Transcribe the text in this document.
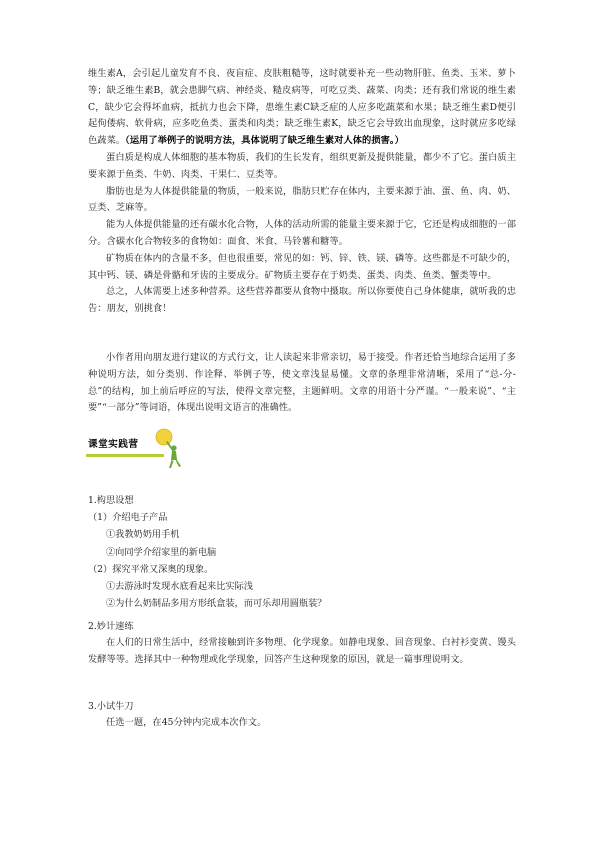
维生素A，会引起儿童发育不良、夜盲症、皮肤粗糙等，这时就要补充一些动物肝脏、鱼类、玉米、萝卜等；缺乏维生素B，就会患脚气病、神经炎、糙皮病等，可吃豆类、蔬菜、肉类；还有我们常说的维生素C，缺少它会得坏血病，抵抗力也会下降，患维生素C缺乏症的人应多吃蔬菜和水果；缺乏维生素D便引起佝偻病、软骨病，应多吃鱼类、蛋类和肉类；缺乏维生素K，缺乏它会导致出血现象，这时就应多吃绿色蔬菜。（运用了举例子的说明方法，具体说明了缺乏维生素对人体的损害。）

蛋白质是构成人体细胞的基本物质，我们的生长发育，组织更新及提供能量，都少不了它。蛋白质主要来源于鱼类、牛奶、肉类、干果仁、豆类等。

脂肪也是为人体提供能量的物质，一般来说，脂肪只贮存在体内，主要来源于油、蛋、鱼、肉、奶、豆类、芝麻等。

能为人体提供能量的还有碳水化合物，人体的活动所需的能量主要来源于它，它还是构成细胞的一部分。含碳水化合物较多的食物如：面食、米食、马铃薯和糖等。

矿物质在体内的含量不多，但也很重要，常见的如：钙、锌、铁、镁、磷等。这些都是不可缺少的，其中钙、镁、磷是骨骼和牙齿的主要成分。矿物质主要存在于奶类、蛋类、肉类、鱼类、蟹类等中。

总之，人体需要上述多种营养。这些营养都要从食物中摄取。所以你要使自己身体健康，就听我的忠告：朋友，别挑食！

小作者用向朋友进行建议的方式行文，让人读起来非常亲切，易于接受。作者还恰当地综合运用了多种说明方法，如分类别、作诠释、举例子等，使文章浅显易懂。文章的条理非常清晰，采用了“总-分-总”的结构，加上前后呼应的写法，使得文章完整，主题鲜明。文章的用语十分严谨。“一般来说”、“主要”“一部分”等词语，体现出说明文语言的准确性。

课堂实践营

1.构思设想

（1）介绍电子产品

①我教奶奶用手机

②向同学介绍家里的新电脑

（2）探究平常又深奥的现象。

①去游泳时发现水底看起来比实际浅

②为什么奶制品多用方形纸盒装，而可乐却用圆瓶装？

2.妙计速练

在人们的日常生活中，经常接触到许多物理、化学现象。如静电现象、回音现象、白衬衫变黄、馒头发酵等等。选择其中一种物理或化学现象，回答产生这种现象的原因，就是一篇事理说明文。

3.小试牛刀

任选一题，在45分钟内完成本次作文。
